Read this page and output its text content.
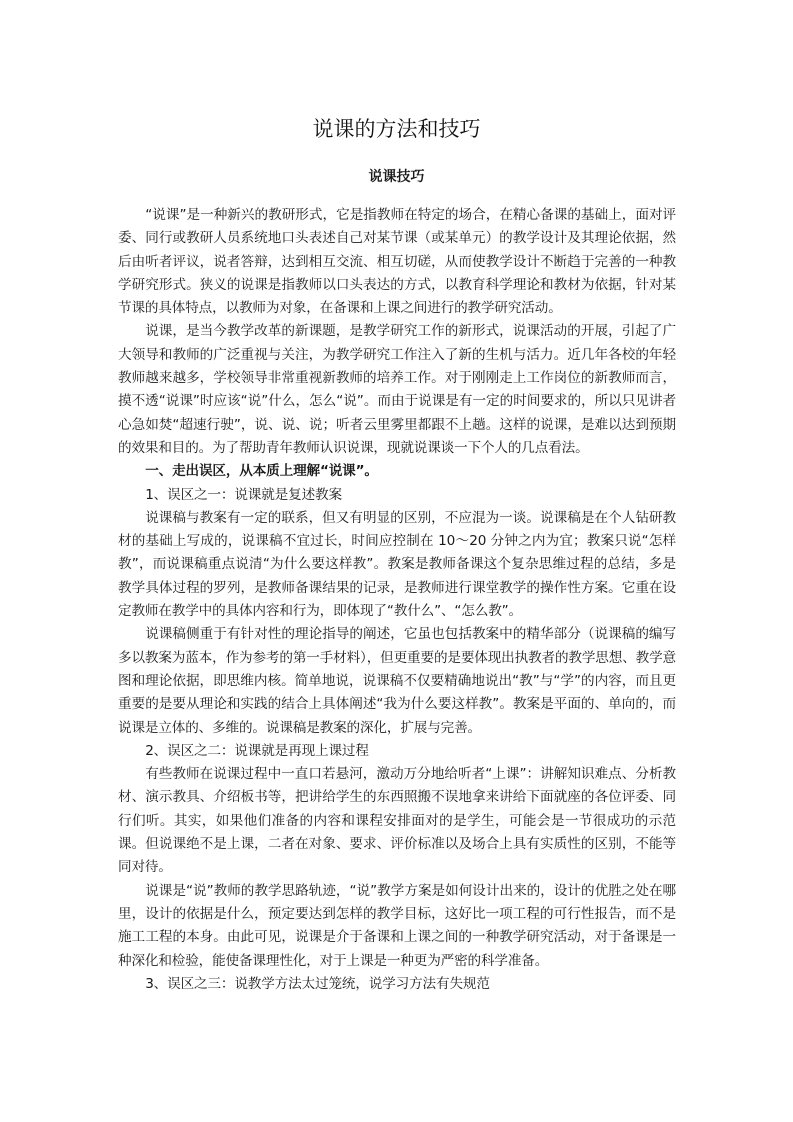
说课的方法和技巧
说课技巧

“说课”是一种新兴的教研形式，它是指教师在特定的场合，在精心备课的基础上，面对评委、同行或教研人员系统地口头表述自己对某节课（或某单元）的教学设计及其理论依据，然后由听者评议，说者答辩，达到相互交流、相互切磋，从而使教学设计不断趋于完善的一种教学研究形式。狭义的说课是指教师以口头表达的方式，以教育科学理论和教材为依据，针对某节课的具体特点，以教师为对象，在备课和上课之间进行的教学研究活动。

说课，是当今教学改革的新课题，是教学研究工作的新形式，说课活动的开展，引起了广大领导和教师的广泛重视与关注，为教学研究工作注入了新的生机与活力。近几年各校的年轻教师越来越多，学校领导非常重视新教师的培养工作。对于刚刚走上工作岗位的新教师而言，摸不透“说课”时应该“说”什么，怎么“说”。而由于说课是有一定的时间要求的，所以只见讲者心急如焚“超速行驶”，说、说、说；听者云里雾里都跟不上趟。这样的说课，是难以达到预期的效果和目的。为了帮助青年教师认识说课，现就说课谈一下个人的几点看法。

一、走出误区，从本质上理解“说课”。

1、误区之一：说课就是复述教案

说课稿与教案有一定的联系，但又有明显的区别，不应混为一谈。说课稿是在个人钻研教材的基础上写成的，说课稿不宜过长，时间应控制在 10～20 分钟之内为宜；教案只说“怎样教”，而说课稿重点说清“为什么要这样教”。教案是教师备课这个复杂思维过程的总结，多是教学具体过程的罗列，是教师备课结果的记录，是教师进行课堂教学的操作性方案。它重在设定教师在教学中的具体内容和行为，即体现了“教什么”、“怎么教”。

说课稿侧重于有针对性的理论指导的阐述，它虽也包括教案中的精华部分（说课稿的编写多以教案为蓝本，作为参考的第一手材料），但更重要的是要体现出执教者的教学思想、教学意图和理论依据，即思维内核。简单地说，说课稿不仅要精确地说出“教”与“学”的内容，而且更重要的是要从理论和实践的结合上具体阐述“我为什么要这样教”。教案是平面的、单向的，而说课是立体的、多维的。说课稿是教案的深化，扩展与完善。

2、误区之二：说课就是再现上课过程

有些教师在说课过程中一直口若悬河，激动万分地给听者“上课”：讲解知识难点、分析教材、演示教具、介绍板书等，把讲给学生的东西照搬不误地拿来讲给下面就座的各位评委、同行们听。其实，如果他们准备的内容和课程安排面对的是学生，可能会是一节很成功的示范课。但说课绝不是上课，二者在对象、要求、评价标准以及场合上具有实质性的区别，不能等同对待。

说课是“说”教师的教学思路轨迹，“说”教学方案是如何设计出来的，设计的优胜之处在哪里，设计的依据是什么，预定要达到怎样的教学目标，这好比一项工程的可行性报告，而不是施工工程的本身。由此可见，说课是介于备课和上课之间的一种教学研究活动，对于备课是一种深化和检验，能使备课理性化，对于上课是一种更为严密的科学准备。

3、误区之三：说教学方法太过笼统，说学习方法有失规范
